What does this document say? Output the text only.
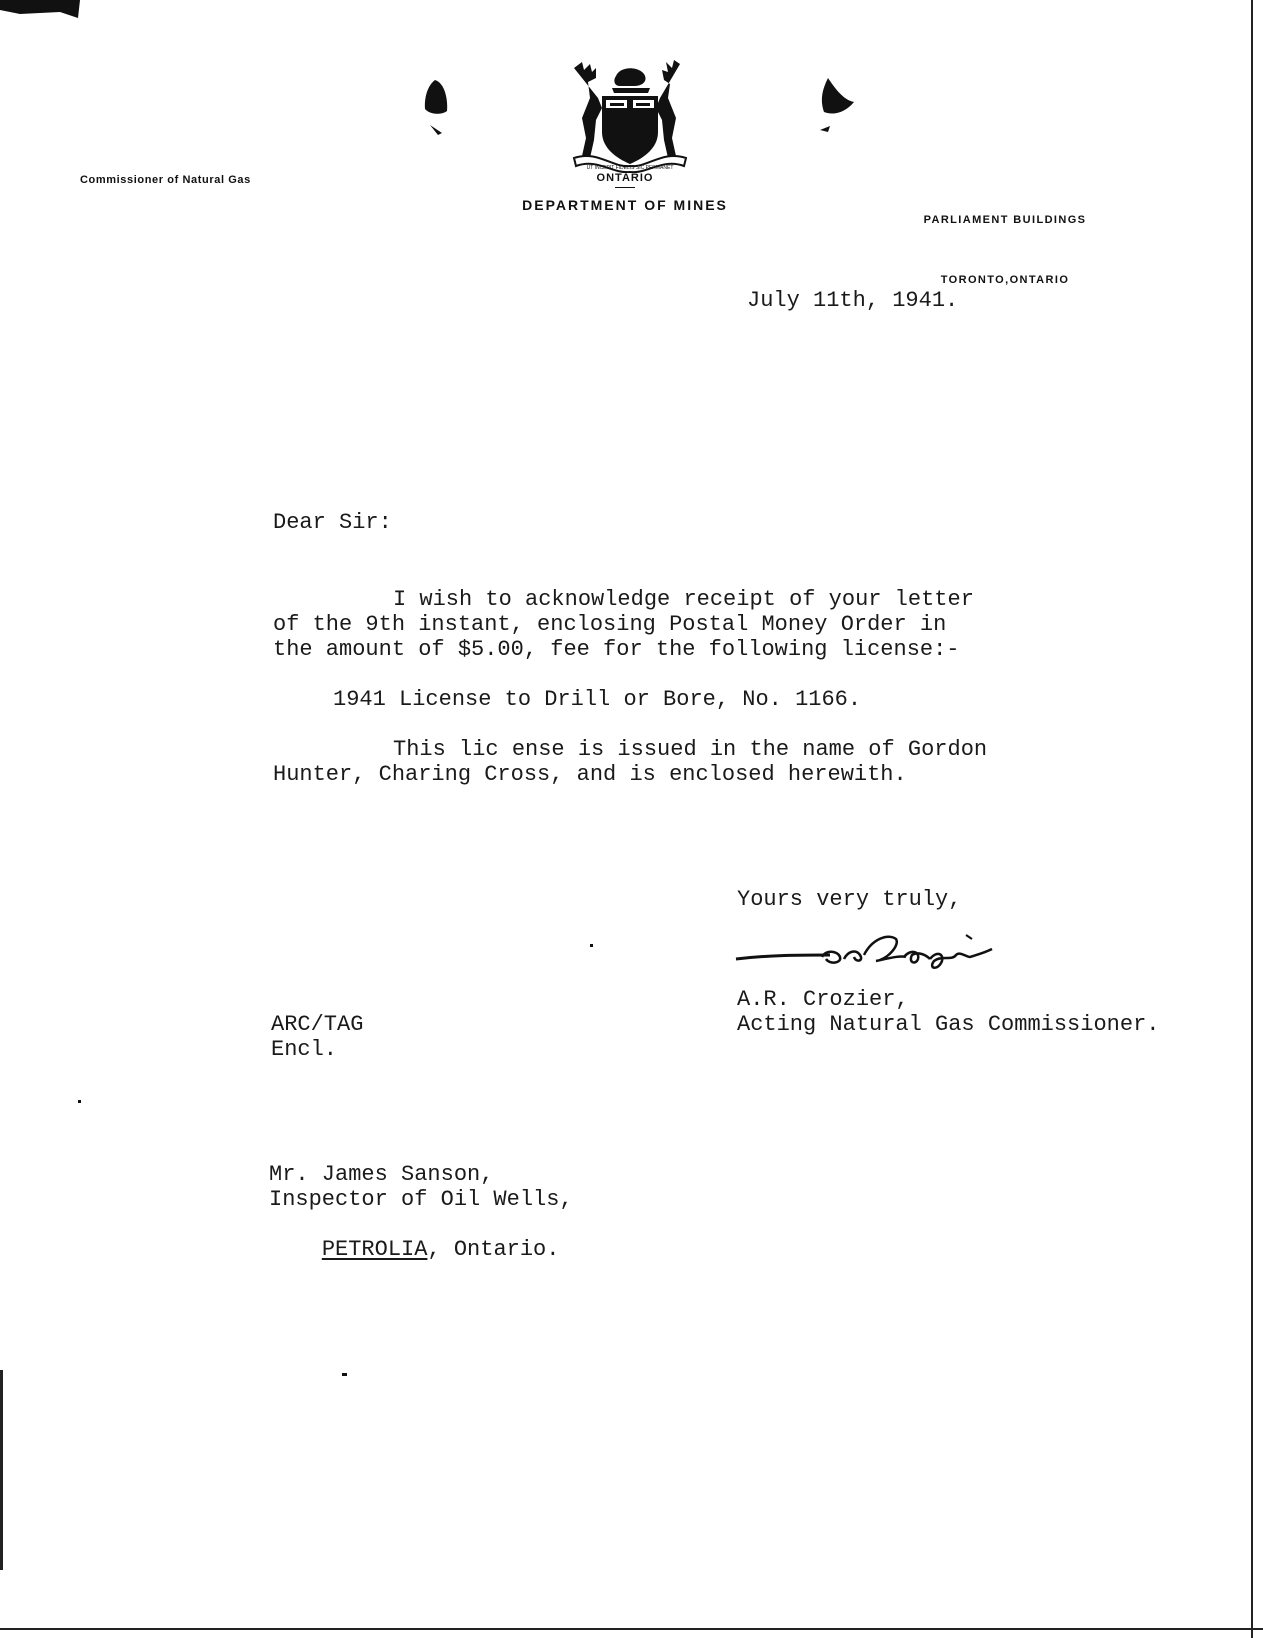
UT INCEPIT FIDELIS SIC PERMANET
Commissioner of Natural Gas	ONTARIO
DEPARTMENT OF MINES

PARLIAMENT BUILDINGS

TORONTO,ONTARIO

July 11th, 1941.
Dear Sir:
I wish to acknowledge receipt of your letter
of the 9th instant, enclosing Postal Money Order in
the amount of $5.00, fee for the following license:-
1941 License to Drill or Bore, No. 1166.
This lic ense is issued in the name of Gordon
Hunter, Charing Cross, and is enclosed herewith.
Yours very truly,
A.R. Crozier
A.R. Crozier,
Acting Natural Gas Commissioner.
ARC/TAG
Encl.
Mr. James Sanson,
Inspector of Oil Wells,

PETROLIA, Ontario.
